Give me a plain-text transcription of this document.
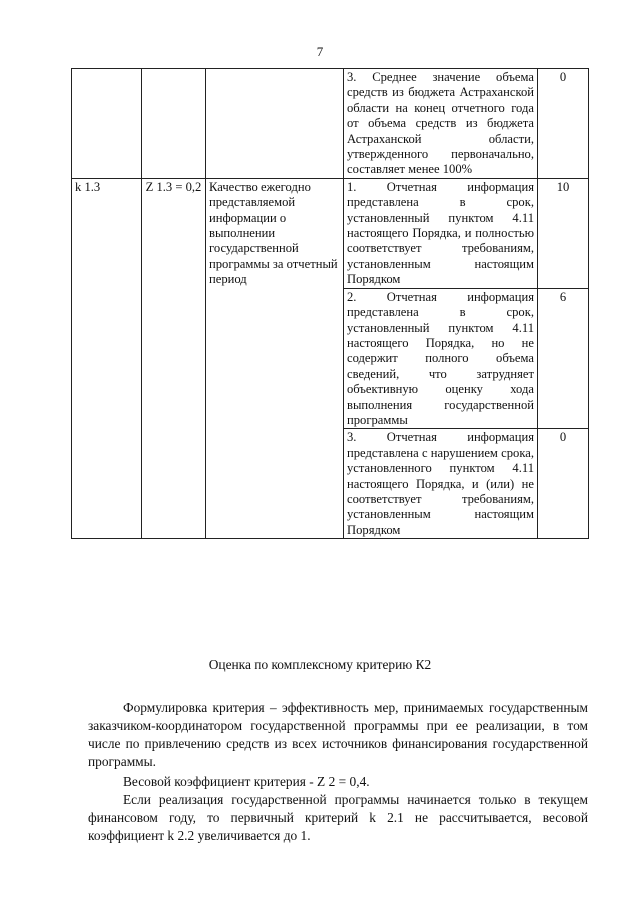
7
			3. Среднее значение объема средств из бюджета Астраханской области на конец отчетного года от объема средств из бюджета Астраханской области, утвержденного первоначально, составляет менее 100%	0
k 1.3	Z 1.3 = 0,2	Качество ежегодно представляемой информации о выполнении государственной программы за отчетный период	1. Отчетная информация представлена в срок, установленный пунктом 4.11 настоящего Порядка, и полностью соответствует требованиям, установленным настоящим Порядком	10
			2. Отчетная информация представлена в срок, установленный пунктом 4.11 настоящего Порядка, но не содержит полного объема сведений, что затрудняет объективную оценку хода выполнения государственной программы	6
			3. Отчетная информация представлена с нарушением срока, установленного пунктом 4.11 настоящего Порядка, и (или) не соответствует требованиям, установленным настоящим Порядком	0
Оценка по комплексному критерию К2

Формулировка критерия – эффективность мер, принимаемых государственным заказчиком-координатором государственной программы при ее реализации, в том числе по привлечению средств из всех источников финансирования государственной программы.

Весовой коэффициент критерия - Z 2 = 0,4.

Если реализация государственной программы начинается только в текущем финансовом году, то первичный критерий k 2.1 не рассчитывается, весовой коэффициент k 2.2 увеличивается до 1.
